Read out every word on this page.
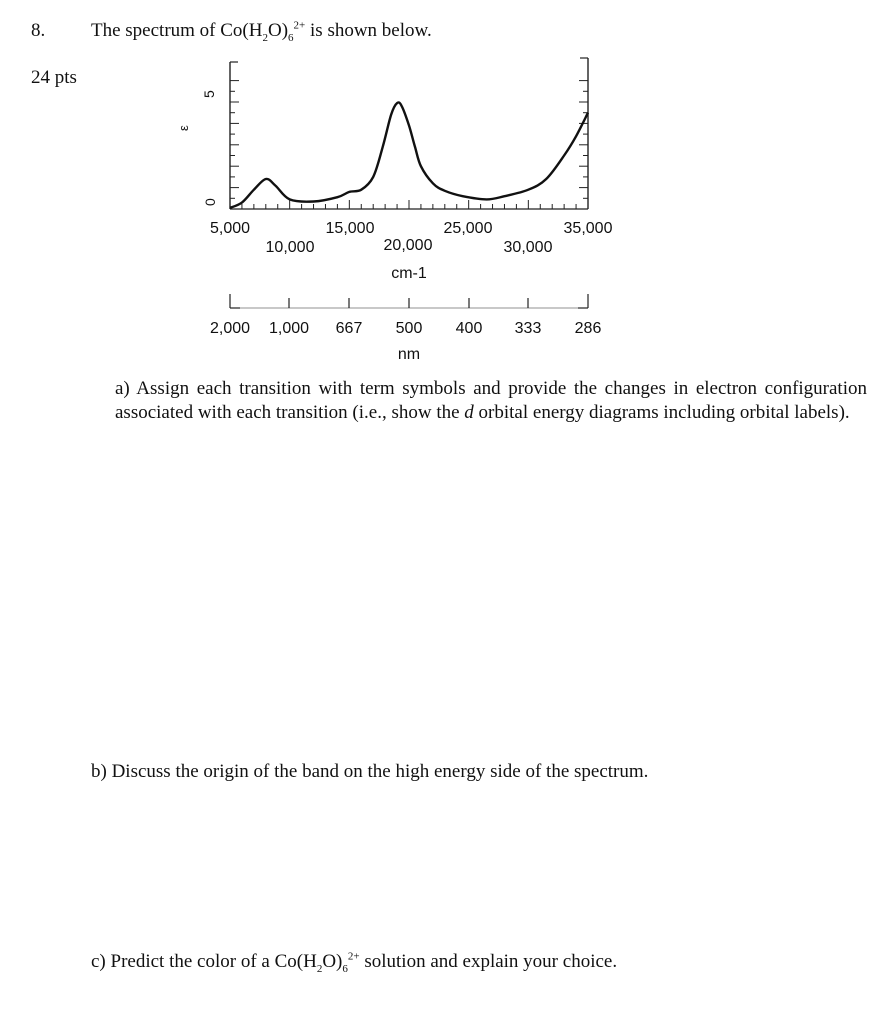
8.
24 pts
The spectrum of $Co(H_2O)_6^{2+}$ is shown below.
ε
5
0
5,000	15,000	25,000	35,000
10,000	20,000	30,000
cm-1
2,000 1,000 667 500 400 333 286
nm
a) Assign each transition with term symbols and provide the changes in electron configuration associated with each transition (i.e., show the d orbital energy diagrams including orbital labels).
b) Discuss the origin of the band on the high energy side of the spectrum.
c) Predict the color of a $Co(H_2O)_6^{2+}$ solution and explain your choice.
